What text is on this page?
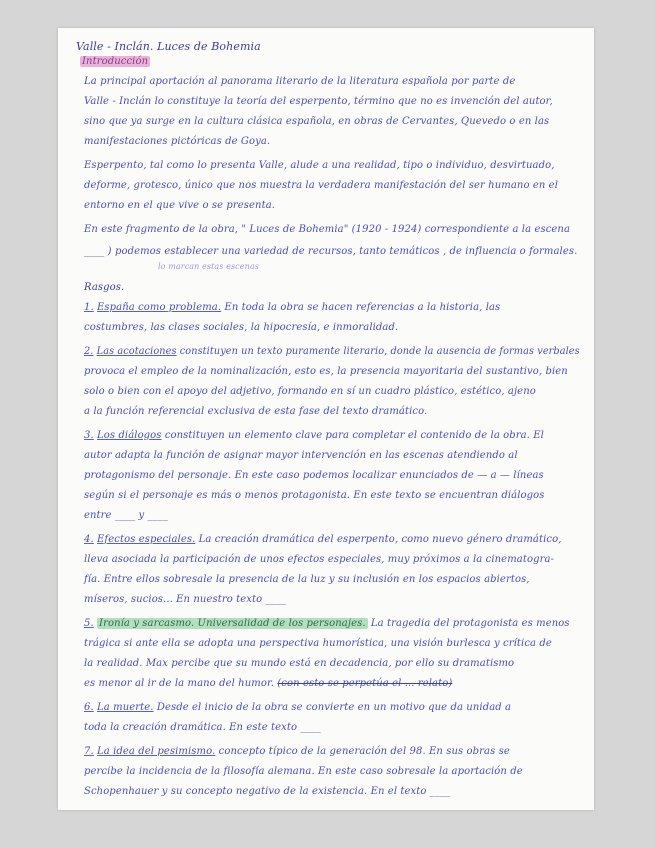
Valle - Inclán. Luces de Bohemia
Introducción
La principal aportación al panorama literario de la literatura española por parte de
Valle - Inclán lo constituye la teoría del esperpento, término que no es invención del autor,
sino que ya surge en la cultura clásica española, en obras de Cervantes, Quevedo o en las
manifestaciones pictóricas de Goya.
Esperpento, tal como lo presenta Valle, alude a una realidad, tipo o individuo, desvirtuado,
deforme, grotesco, único que nos muestra la verdadera manifestación del ser humano en el
entorno en el que vive o se presenta.
En este fragmento de la obra, " Luces de Bohemia" (1920 - 1924) correspondiente a la escena
____ ) podemos establecer una variedad de recursos, tanto temáticos , de influencia o formales.
lo marcan estas escenas
Rasgos.
1. España como problema. En toda la obra se hacen referencias a la historia, las
costumbres, las clases sociales, la hipocresía, e inmoralidad.
2. Las acotaciones constituyen un texto puramente literario, donde la ausencia de formas verbales
provoca el empleo de la nominalización, esto es, la presencia mayoritaria del sustantivo, bien
solo o bien con el apoyo del adjetivo, formando en sí un cuadro plástico, estético, ajeno
a la función referencial exclusiva de esta fase del texto dramático.
3. Los diálogos constituyen un elemento clave para completar el contenido de la obra. El
autor adapta la función de asignar mayor intervención en las escenas atendiendo al
protagonismo del personaje. En este caso podemos localizar enunciados de — a — líneas
según si el personaje es más o menos protagonista. En este texto se encuentran diálogos
entre ____ y ____
4. Efectos especiales. La creación dramática del esperpento, como nuevo género dramático,
lleva asociada la participación de unos efectos especiales, muy próximos a la cinematogra-
fía. Entre ellos sobresale la presencia de la luz y su inclusión en los espacios abiertos,
míseros, sucios... En nuestro texto ____
5. Ironía y sarcasmo. Universalidad de los personajes. La tragedia del protagonista es menos
trágica si ante ella se adopta una perspectiva humorística, una visión burlesca y crítica de
la realidad. Max percibe que su mundo está en decadencia, por ello su dramatismo
es menor al ir de la mano del humor. (con esto se perpetúa el ... relato)
6. La muerte. Desde el inicio de la obra se convierte en un motivo que da unidad a
toda la creación dramática. En este texto ____
7. La idea del pesimismo. concepto típico de la generación del 98. En sus obras se
percibe la incidencia de la filosofía alemana. En este caso sobresale la aportación de
Schopenhauer y su concepto negativo de la existencia. En el texto ____
